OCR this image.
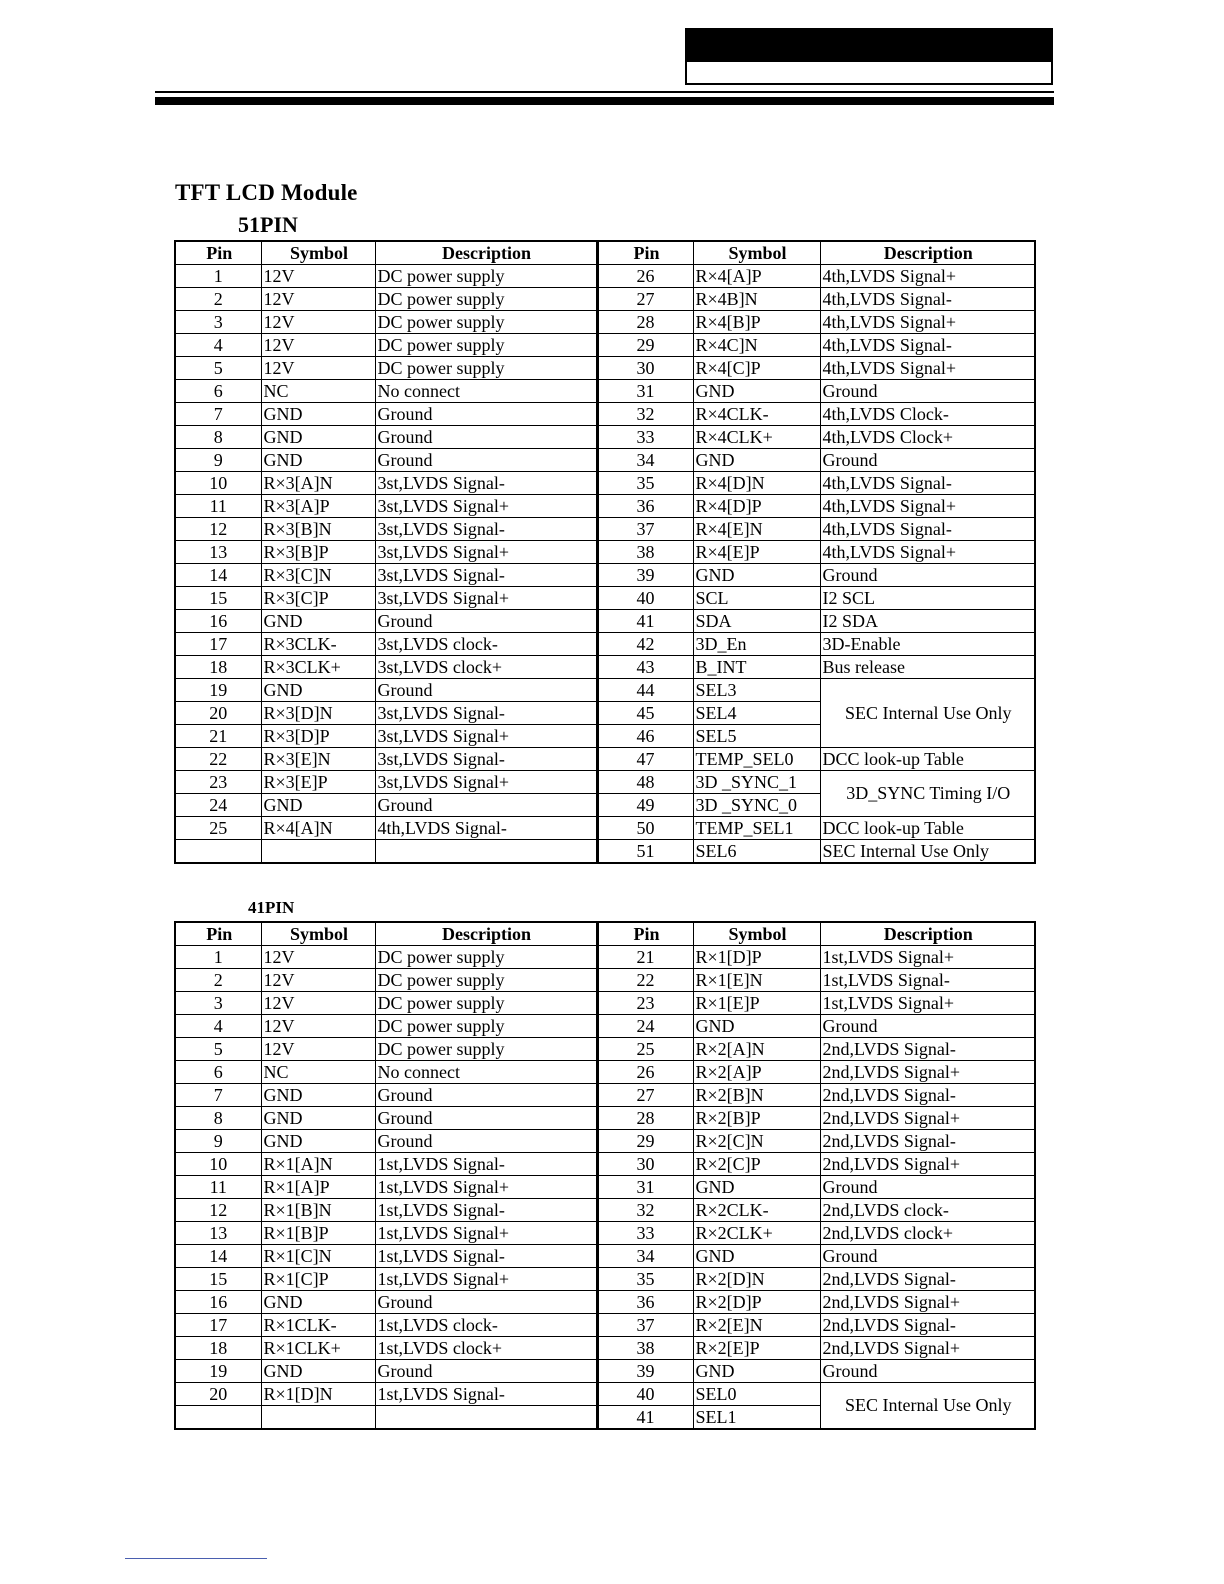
TFT LCD Module
51PIN
Pin	Symbol	Description	Pin	Symbol	Description
1	12V	DC power supply	26	R×4[A]P	4th,LVDS Signal+
2	12V	DC power supply	27	R×4B]N	4th,LVDS Signal-
3	12V	DC power supply	28	R×4[B]P	4th,LVDS Signal+
4	12V	DC power supply	29	R×4C]N	4th,LVDS Signal-
5	12V	DC power supply	30	R×4[C]P	4th,LVDS Signal+
6	NC	No connect	31	GND	Ground
7	GND	Ground	32	R×4CLK-	4th,LVDS Clock-
8	GND	Ground	33	R×4CLK+	4th,LVDS Clock+
9	GND	Ground	34	GND	Ground
10	R×3[A]N	3st,LVDS Signal-	35	R×4[D]N	4th,LVDS Signal-
11	R×3[A]P	3st,LVDS Signal+	36	R×4[D]P	4th,LVDS Signal+
12	R×3[B]N	3st,LVDS Signal-	37	R×4[E]N	4th,LVDS Signal-
13	R×3[B]P	3st,LVDS Signal+	38	R×4[E]P	4th,LVDS Signal+
14	R×3[C]N	3st,LVDS Signal-	39	GND	Ground
15	R×3[C]P	3st,LVDS Signal+	40	SCL	I2 SCL
16	GND	Ground	41	SDA	I2 SDA
17	R×3CLK-	3st,LVDS clock-	42	3D_En	3D-Enable
18	R×3CLK+	3st,LVDS clock+	43	B_INT	Bus release
19	GND	Ground	44	SEL3	SEC Internal Use Only
20	R×3[D]N	3st,LVDS Signal-	45	SEL4	
21	R×3[D]P	3st,LVDS Signal+	46	SEL5	
22	R×3[E]N	3st,LVDS Signal-	47	TEMP_SEL0	DCC look-up Table
23	R×3[E]P	3st,LVDS Signal+	48	3D _SYNC_1	3D_SYNC Timing I/O
24	GND	Ground	49	3D _SYNC_0	
25	R×4[A]N	4th,LVDS Signal-	50	TEMP_SEL1	DCC look-up Table
			51	SEL6	SEC Internal Use Only
41PIN
Pin	Symbol	Description	Pin	Symbol	Description
1	12V	DC power supply	21	R×1[D]P	1st,LVDS Signal+
2	12V	DC power supply	22	R×1[E]N	1st,LVDS Signal-
3	12V	DC power supply	23	R×1[E]P	1st,LVDS Signal+
4	12V	DC power supply	24	GND	Ground
5	12V	DC power supply	25	R×2[A]N	2nd,LVDS Signal-
6	NC	No connect	26	R×2[A]P	2nd,LVDS Signal+
7	GND	Ground	27	R×2[B]N	2nd,LVDS Signal-
8	GND	Ground	28	R×2[B]P	2nd,LVDS Signal+
9	GND	Ground	29	R×2[C]N	2nd,LVDS Signal-
10	R×1[A]N	1st,LVDS Signal-	30	R×2[C]P	2nd,LVDS Signal+
11	R×1[A]P	1st,LVDS Signal+	31	GND	Ground
12	R×1[B]N	1st,LVDS Signal-	32	R×2CLK-	2nd,LVDS clock-
13	R×1[B]P	1st,LVDS Signal+	33	R×2CLK+	2nd,LVDS clock+
14	R×1[C]N	1st,LVDS Signal-	34	GND	Ground
15	R×1[C]P	1st,LVDS Signal+	35	R×2[D]N	2nd,LVDS Signal-
16	GND	Ground	36	R×2[D]P	2nd,LVDS Signal+
17	R×1CLK-	1st,LVDS clock-	37	R×2[E]N	2nd,LVDS Signal-
18	R×1CLK+	1st,LVDS clock+	38	R×2[E]P	2nd,LVDS Signal+
19	GND	Ground	39	GND	Ground
20	R×1[D]N	1st,LVDS Signal-	40	SEL0	SEC Internal Use Only
			41	SEL1	
